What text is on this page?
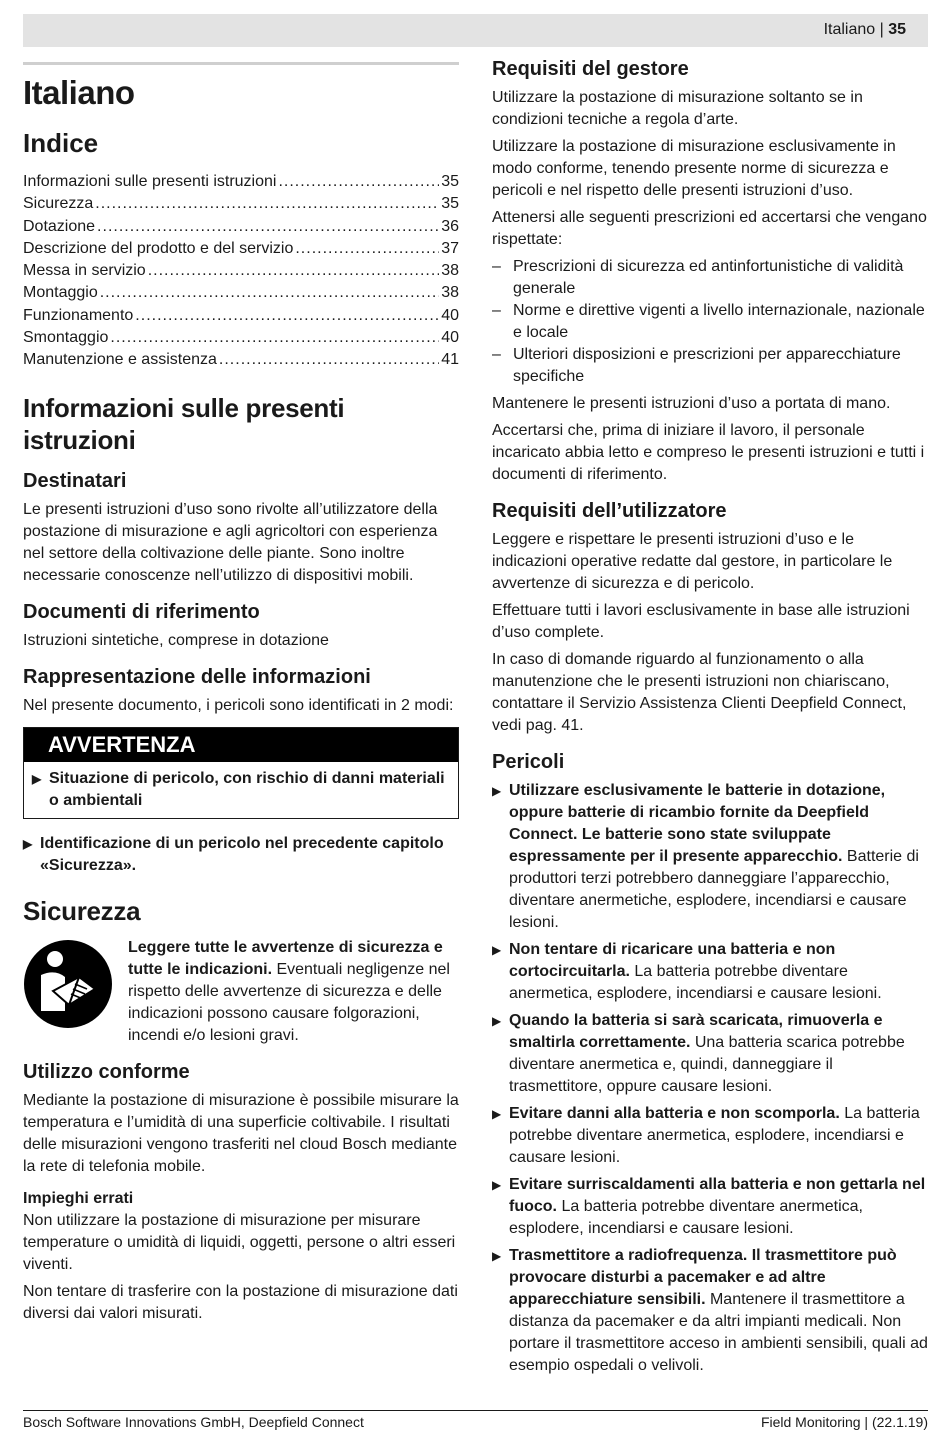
Italiano | 35
Italiano
Indice
Informazioni sulle presenti istruzioni .....	35
Sicurezza .....	35
Dotazione .....	36
Descrizione del prodotto e del servizio .....	37
Messa in servizio .....	38
Montaggio .....	38
Funzionamento .....	40
Smontaggio .....	40
Manutenzione e assistenza .....	41
Informazioni sulle presenti istruzioni
Destinatari

Le presenti istruzioni d’uso sono rivolte all’utilizzatore della postazione di misurazione e agli agricoltori con esperienza nel settore della coltivazione delle piante. Sono inoltre necessarie conoscenze nell’utilizzo di dispositivi mobili.

Documenti di riferimento

Istruzioni sintetiche, comprese in dotazione

Rappresentazione delle informazioni

Nel presente documento, i pericoli sono identificati in 2 modi:

AVVERTENZA
▶ Situazione di pericolo, con rischio di danni materiali o ambientali
▶ Identificazione di un pericolo nel precedente capitolo «Sicurezza».
Sicurezza
Leggere tutte le avvertenze di sicurezza e tutte le indicazioni. Eventuali negligenze nel rispetto delle avvertenze di sicurezza e delle indicazioni possono causare folgorazioni, incendi e/o lesioni gravi.
Utilizzo conforme

Mediante la postazione di misurazione è possibile misurare la temperatura e l’umidità di una superficie coltivabile. I risultati delle misurazioni vengono trasferiti nel cloud Bosch mediante la rete di telefonia mobile.

Impieghi errati

Non utilizzare la postazione di misurazione per misurare temperature o umidità di liquidi, oggetti, persone o altri esseri viventi.

Non tentare di trasferire con la postazione di misurazione dati diversi dai valori misurati.

Requisiti del gestore

Utilizzare la postazione di misurazione soltanto se in condizioni tecniche a regola d’arte.

Utilizzare la postazione di misurazione esclusivamente in modo conforme, tenendo presente norme di sicurezza e pericoli e nel rispetto delle presenti istruzioni d’uso.

Attenersi alle seguenti prescrizioni ed accertarsi che vengano rispettate:

– Prescrizioni di sicurezza ed antinfortunistiche di validità generale
– Norme e direttive vigenti a livello internazionale, nazionale e locale
– Ulteriori disposizioni e prescrizioni per apparecchiature specifiche

Mantenere le presenti istruzioni d’uso a portata di mano.

Accertarsi che, prima di iniziare il lavoro, il personale incaricato abbia letto e compreso le presenti istruzioni e tutti i documenti di riferimento.

Requisiti dell’utilizzatore

Leggere e rispettare le presenti istruzioni d’uso e le indicazioni operative redatte dal gestore, in particolare le avvertenze di sicurezza e di pericolo.

Effettuare tutti i lavori esclusivamente in base alle istruzioni d’uso complete.

In caso di domande riguardo al funzionamento o alla manutenzione che le presenti istruzioni non chiariscano, contattare il Servizio Assistenza Clienti Deepfield Connect, vedi pag. 41.

Pericoli
▶ Utilizzare esclusivamente le batterie in dotazione, oppure batterie di ricambio fornite da Deepfield Connect. Le batterie sono state sviluppate espressamente per il presente apparecchio. Batterie di produttori terzi potrebbero danneggiare l’apparecchio, diventare anermetiche, esplodere, incendiarsi e causare lesioni.
▶ Non tentare di ricaricare una batteria e non cortocircuitarla. La batteria potrebbe diventare anermetica, esplodere, incendiarsi e causare lesioni.
▶ Quando la batteria si sarà scaricata, rimuoverla e smaltirla correttamente. Una batteria scarica potrebbe diventare anermetica e, quindi, danneggiare il trasmettitore, oppure causare lesioni.
▶ Evitare danni alla batteria e non scomporla. La batteria potrebbe diventare anermetica, esplodere, incendiarsi e causare lesioni.
▶ Evitare surriscaldamenti alla batteria e non gettarla nel fuoco. La batteria potrebbe diventare anermetica, esplodere, incendiarsi e causare lesioni.
▶ Trasmettitore a radiofrequenza. Il trasmettitore può provocare disturbi a pacemaker e ad altre apparecchiature sensibili. Mantenere il trasmettitore a distanza da pacemaker e da altri impianti medicali. Non portare il trasmettitore acceso in ambienti sensibili, quali ad esempio ospedali o velivoli.
Bosch Software Innovations GmbH, Deepfield Connect	Field Monitoring | (22.1.19)
